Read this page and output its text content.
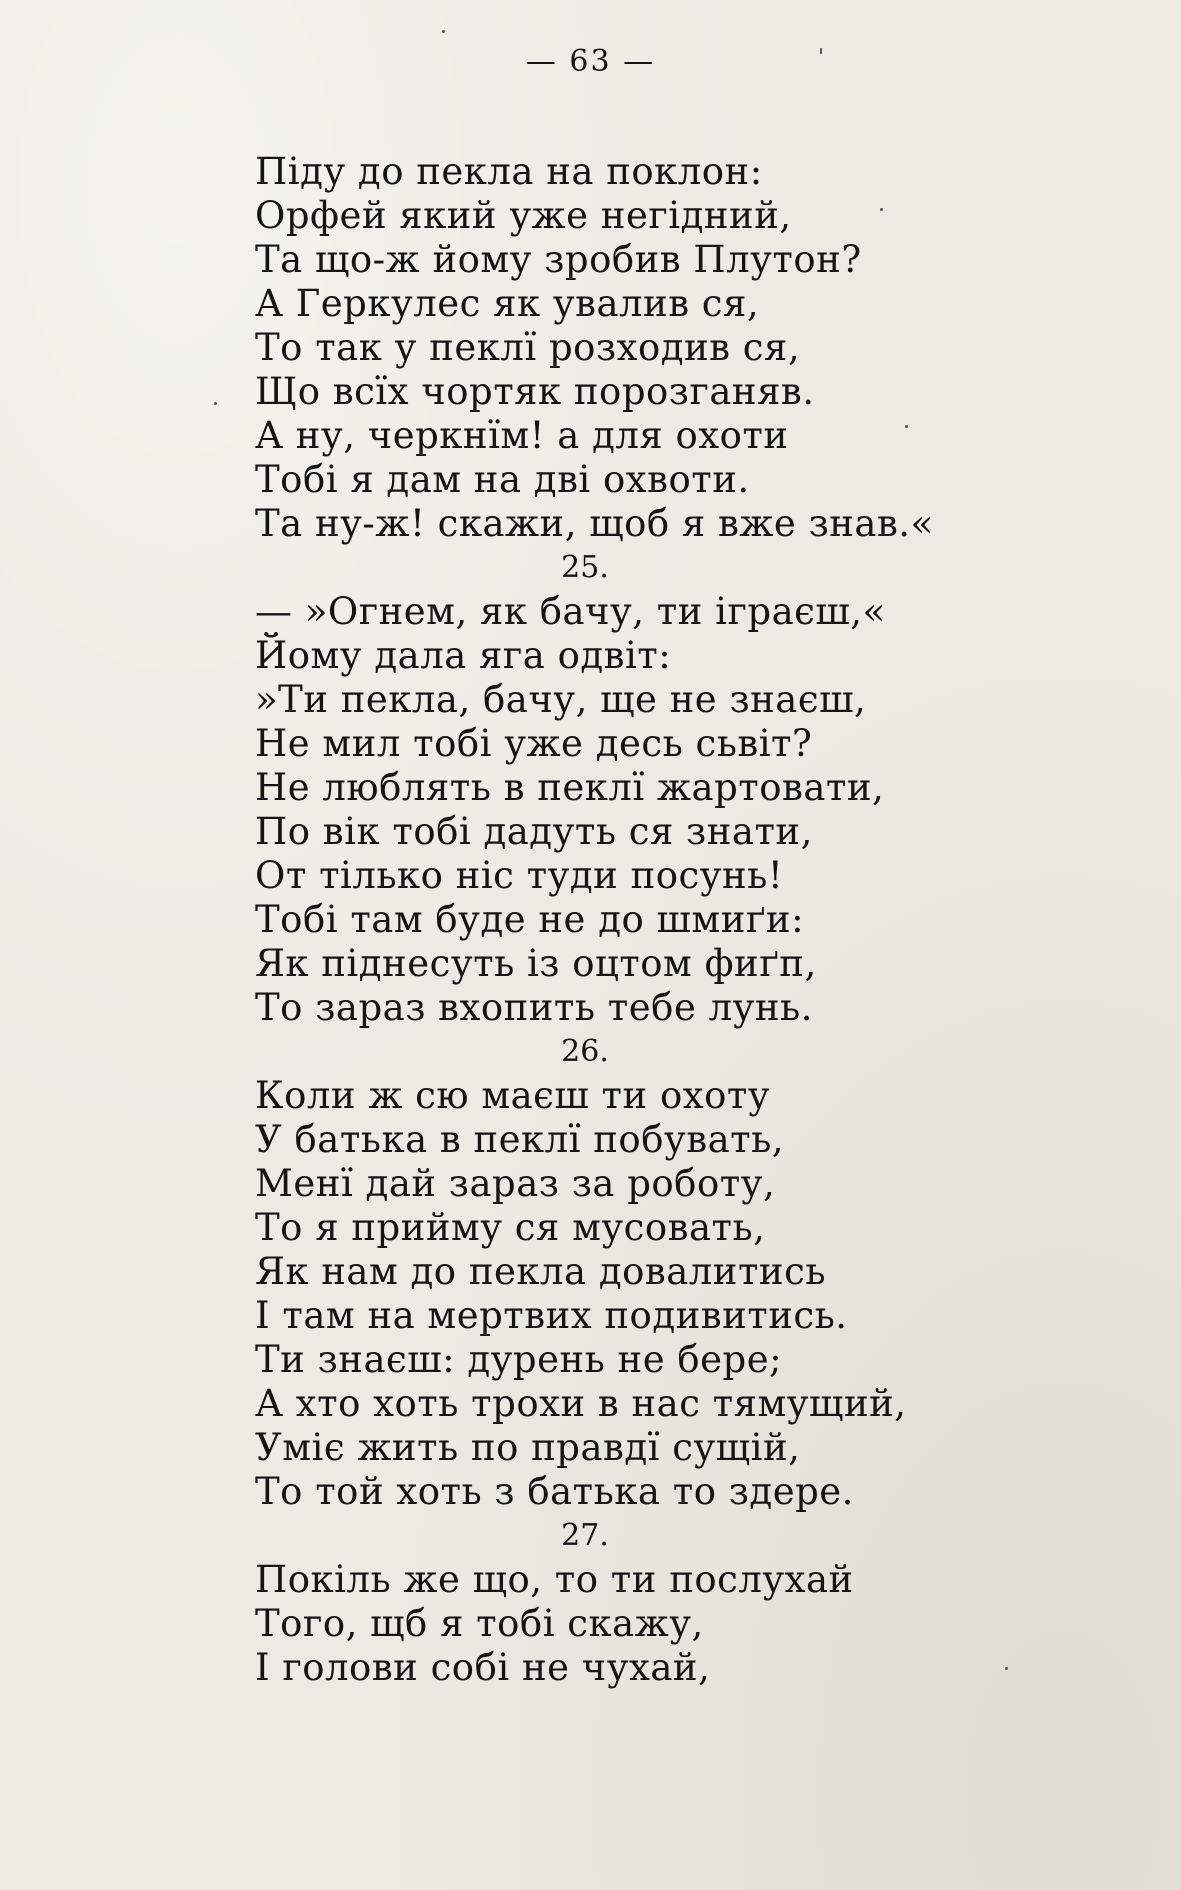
— 63 —
Піду до пекла на поклон:
Орфей який уже негідний,
Та що-ж йому зробив Плутон?
А Геркулес як увалив ся,
То так у пеклї розходив ся,
Що всїх чортяк порозганяв.
А ну, черкнїм! а для охоти
Тобі я дам на дві охвоти.
Та ну-ж! скажи, щоб я вже знав.«
25.
— »Огнем, як бачу, ти іграєш,«
Йому дала яга одвіт:
»Ти пекла, бачу, ще не знаєш,
Не мил тобі уже десь сьвіт?
Не люблять в пеклї жартовати,
По вік тобі дадуть ся знати,
От тілько ніс туди посунь!
Тобі там буде не до шмиґи:
Як піднесуть із оцтом фиґп,
То зараз вхопить тебе лунь.
26.
Коли ж сю маєш ти охоту
У батька в пеклї побувать,
Менї дай зараз за роботу,
То я прийму ся мусовать,
Як нам до пекла довалитись
І там на мертвих подивитись.
Ти знаєш: дурень не бере;
А хто хоть трохи в нас тямущий,
Уміє жить по правдї сущій,
То той хоть з батька то здере.
27.
Покіль же що, то ти послухай
Того, щб я тобі скажу,
І голови собі не чухай,
